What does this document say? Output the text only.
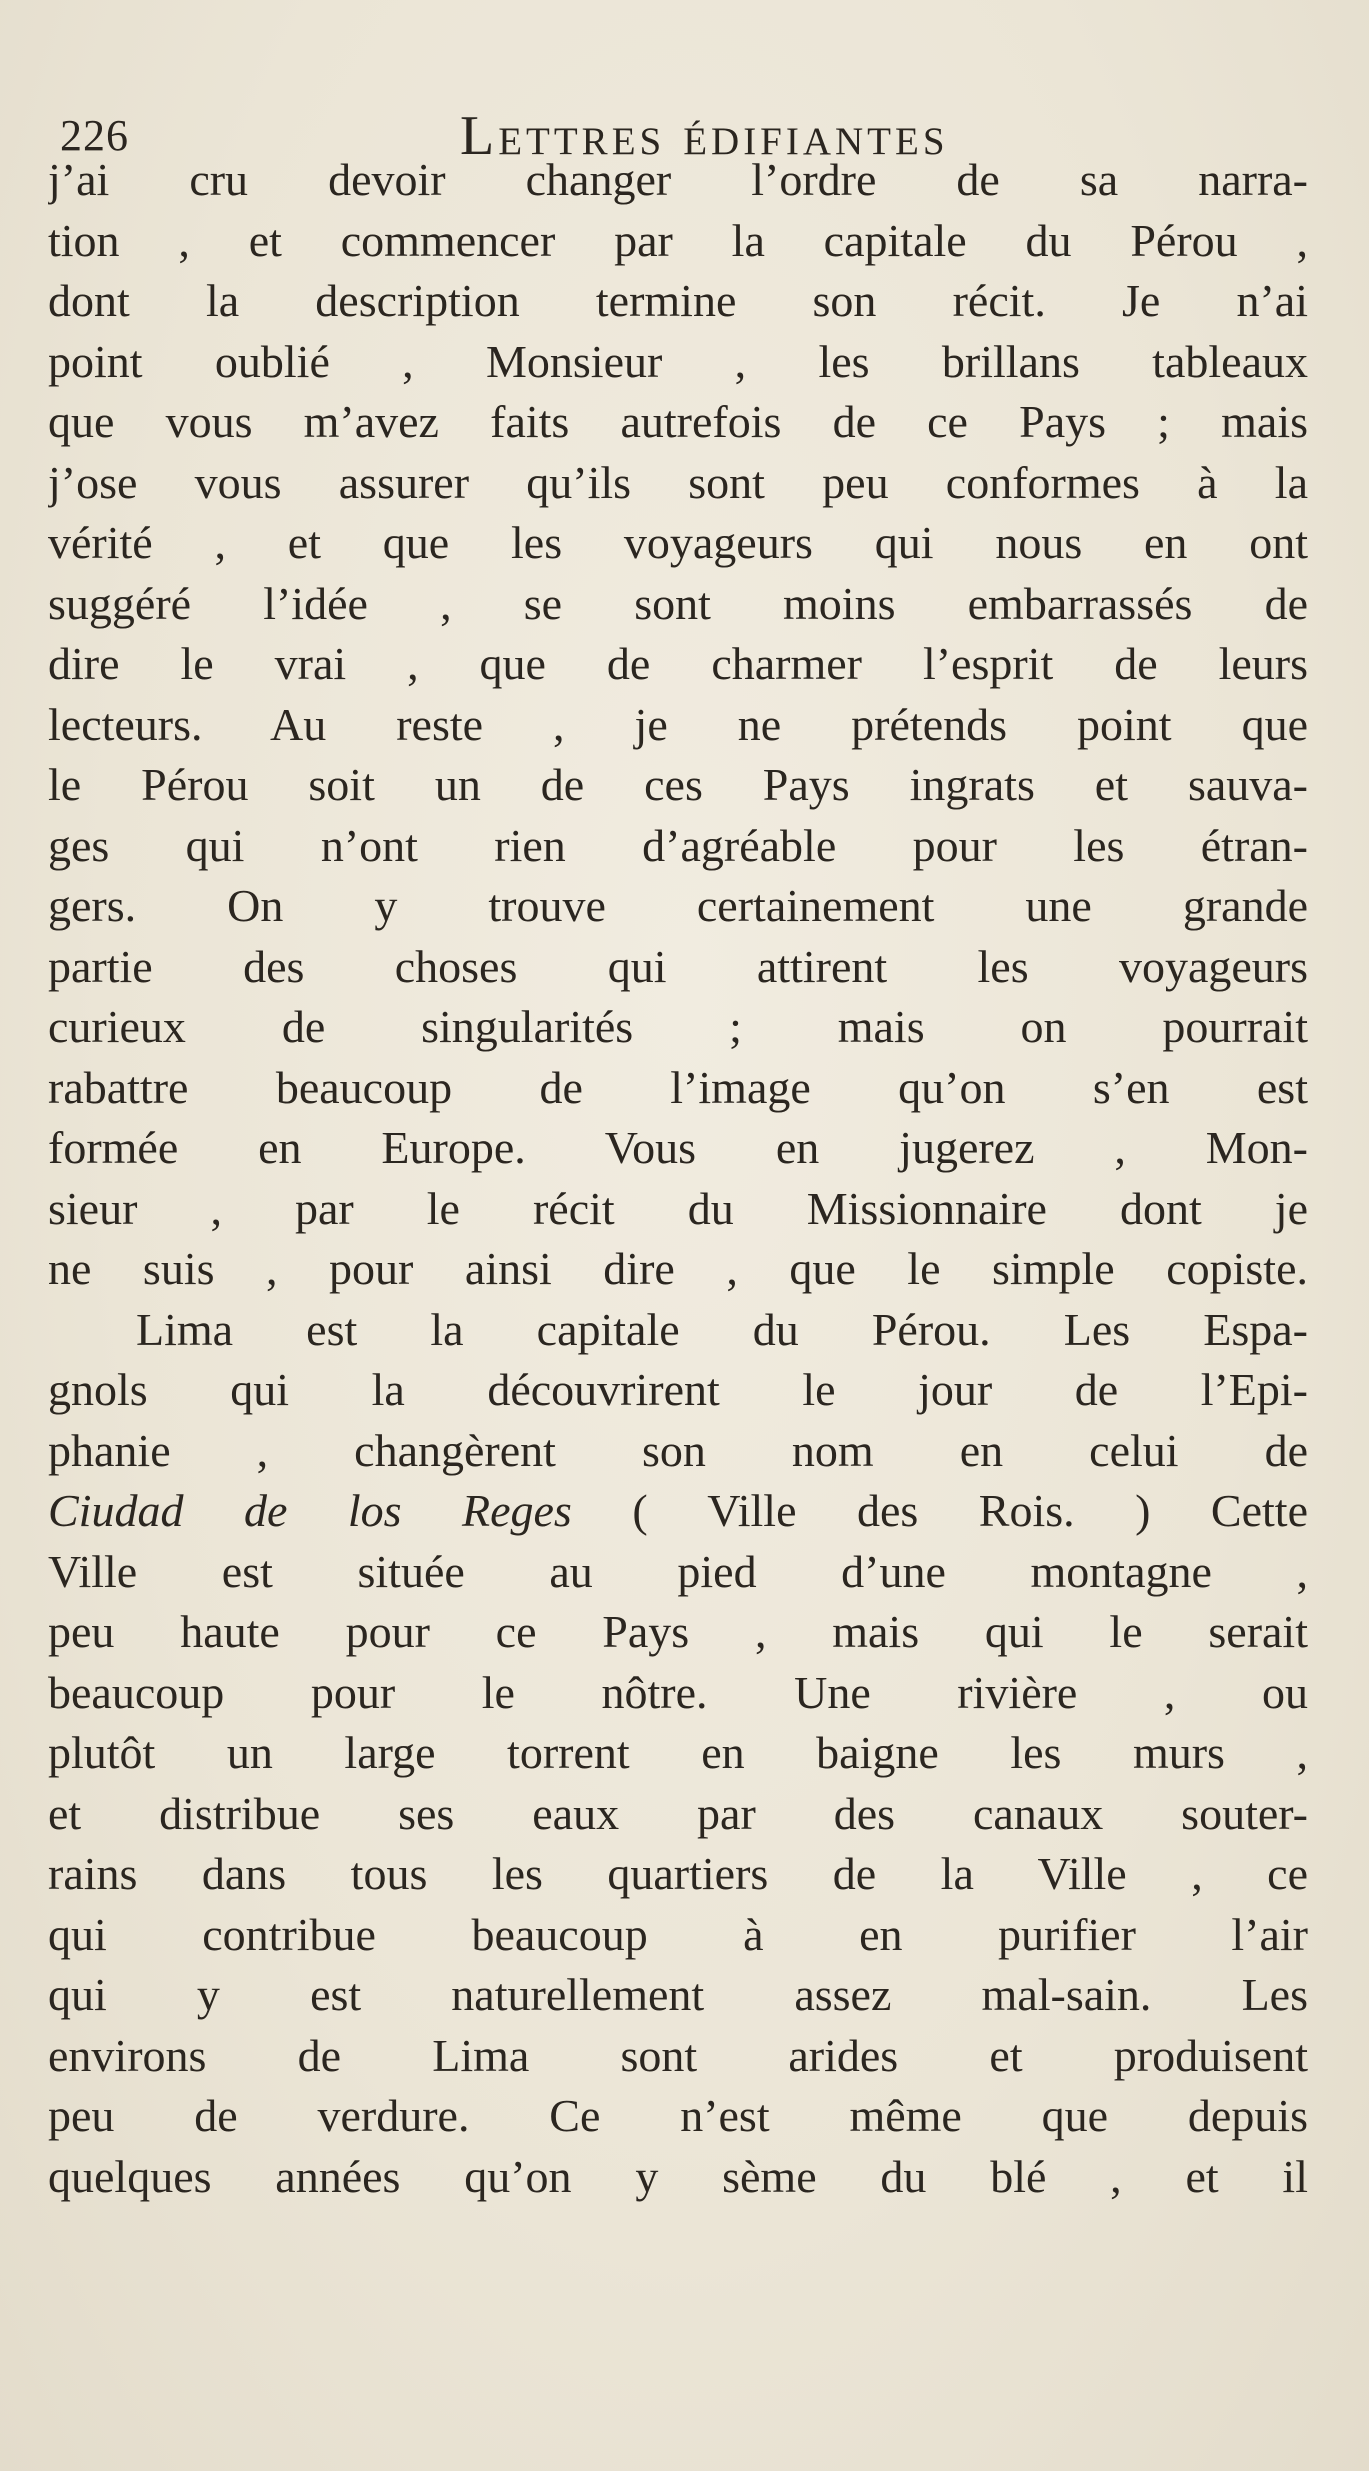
226	Lettres édifiantes
j’ai cru devoir changer l’ordre de sa narra-
tion , et commencer par la capitale du Pérou ,
dont la description termine son récit. Je n’ai
point oublié , Monsieur , les brillans tableaux
que vous m’avez faits autrefois de ce Pays ; mais
j’ose vous assurer qu’ils sont peu conformes à la
vérité , et que les voyageurs qui nous en ont
suggéré l’idée , se sont moins embarrassés de
dire le vrai , que de charmer l’esprit de leurs
lecteurs. Au reste , je ne prétends point que
le Pérou soit un de ces Pays ingrats et sauva-
ges qui n’ont rien d’agréable pour les étran-
gers. On y trouve certainement une grande
partie des choses qui attirent les voyageurs
curieux de singularités ; mais on pourrait
rabattre beaucoup de l’image qu’on s’en est
formée en Europe. Vous en jugerez , Mon-
sieur , par le récit du Missionnaire dont je
ne suis , pour ainsi dire , que le simple copiste.
Lima est la capitale du Pérou. Les Espa-
gnols qui la découvrirent le jour de l’Epi-
phanie , changèrent son nom en celui de
Ciudad de los Reges ( Ville des Rois. ) Cette
Ville est située au pied d’une montagne ,
peu haute pour ce Pays , mais qui le serait
beaucoup pour le nôtre. Une rivière , ou
plutôt un large torrent en baigne les murs ,
et distribue ses eaux par des canaux souter-
rains dans tous les quartiers de la Ville , ce
qui contribue beaucoup à en purifier l’air
qui y est naturellement assez mal-sain. Les
environs de Lima sont arides et produisent
peu de verdure. Ce n’est même que depuis
quelques années qu’on y sème du blé , et il
